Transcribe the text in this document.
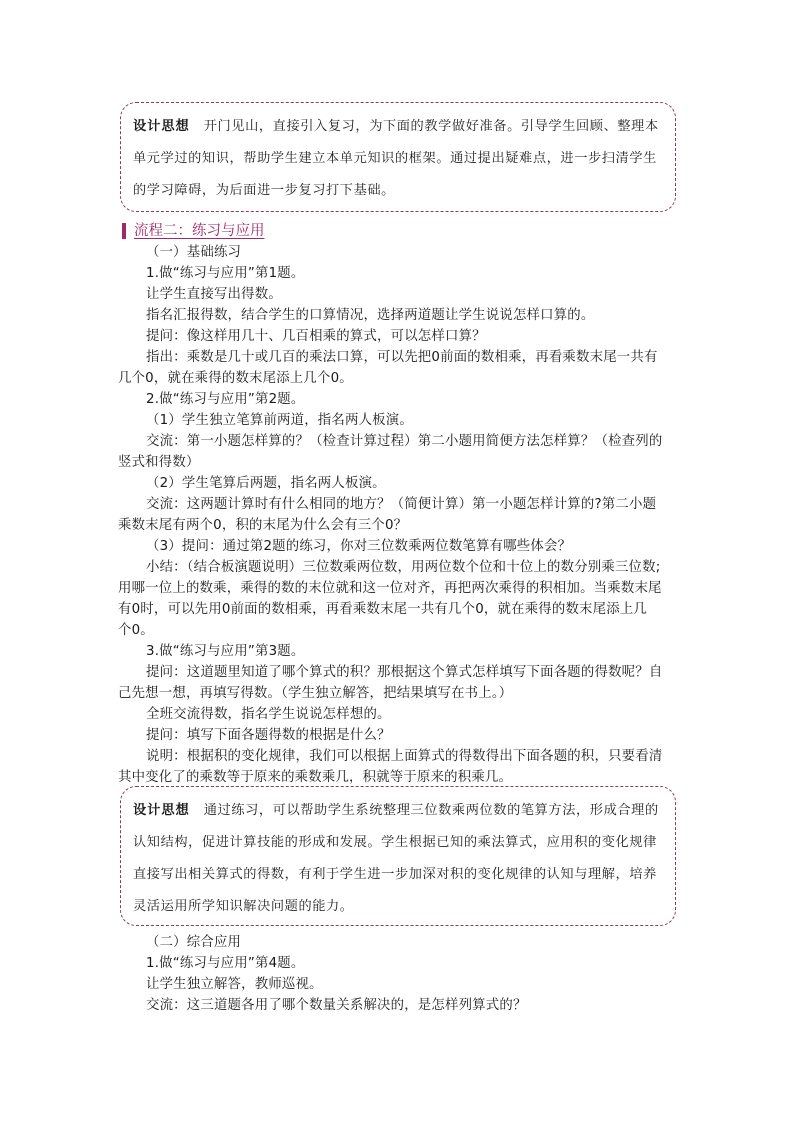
设计思想 开门见山，直接引入复习，为下面的教学做好准备。引导学生回顾、整理本单元学过的知识，帮助学生建立本单元知识的框架。通过提出疑难点，进一步扫清学生的学习障碍，为后面进一步复习打下基础。
流程二：练习与应用
（一）基础练习
1.做“练习与应用”第1题。
让学生直接写出得数。
指名汇报得数，结合学生的口算情况，选择两道题让学生说说怎样口算的。
提问：像这样用几十、几百相乘的算式，可以怎样口算？
指出：乘数是几十或几百的乘法口算，可以先把0前面的数相乘，再看乘数末尾一共有
几个0，就在乘得的数末尾添上几个0。
2.做“练习与应用”第2题。
（1）学生独立笔算前两道，指名两人板演。
交流：第一小题怎样算的？（检查计算过程）第二小题用简便方法怎样算？（检查列的
竖式和得数）
（2）学生笔算后两题，指名两人板演。
交流：这两题计算时有什么相同的地方？（简便计算）第一小题怎样计算的?第二小题
乘数末尾有两个0，积的末尾为什么会有三个0？
（3）提问：通过第2题的练习，你对三位数乘两位数笔算有哪些体会？
小结：（结合板演题说明）三位数乘两位数，用两位数个位和十位上的数分别乘三位数;
用哪一位上的数乘，乘得的数的末位就和这一位对齐，再把两次乘得的积相加。当乘数末尾
有0时，可以先用0前面的数相乘，再看乘数末尾一共有几个0，就在乘得的数末尾添上几
个0。
3.做“练习与应用”第3题。
提问：这道题里知道了哪个算式的积？那根据这个算式怎样填写下面各题的得数呢？自
己先想一想，再填写得数。（学生独立解答，把结果填写在书上。）
全班交流得数，指名学生说说怎样想的。
提问：填写下面各题得数的根据是什么？
说明：根据积的变化规律，我们可以根据上面算式的得数得出下面各题的积，只要看清
其中变化了的乘数等于原来的乘数乘几，积就等于原来的积乘几。
设计思想 通过练习，可以帮助学生系统整理三位数乘两位数的笔算方法，形成合理的认知结构，促进计算技能的形成和发展。学生根据已知的乘法算式，应用积的变化规律直接写出相关算式的得数，有利于学生进一步加深对积的变化规律的认知与理解，培养灵活运用所学知识解决问题的能力。
（二）综合应用
1.做“练习与应用”第4题。
让学生独立解答，教师巡视。
交流：这三道题各用了哪个数量关系解决的，是怎样列算式的？
